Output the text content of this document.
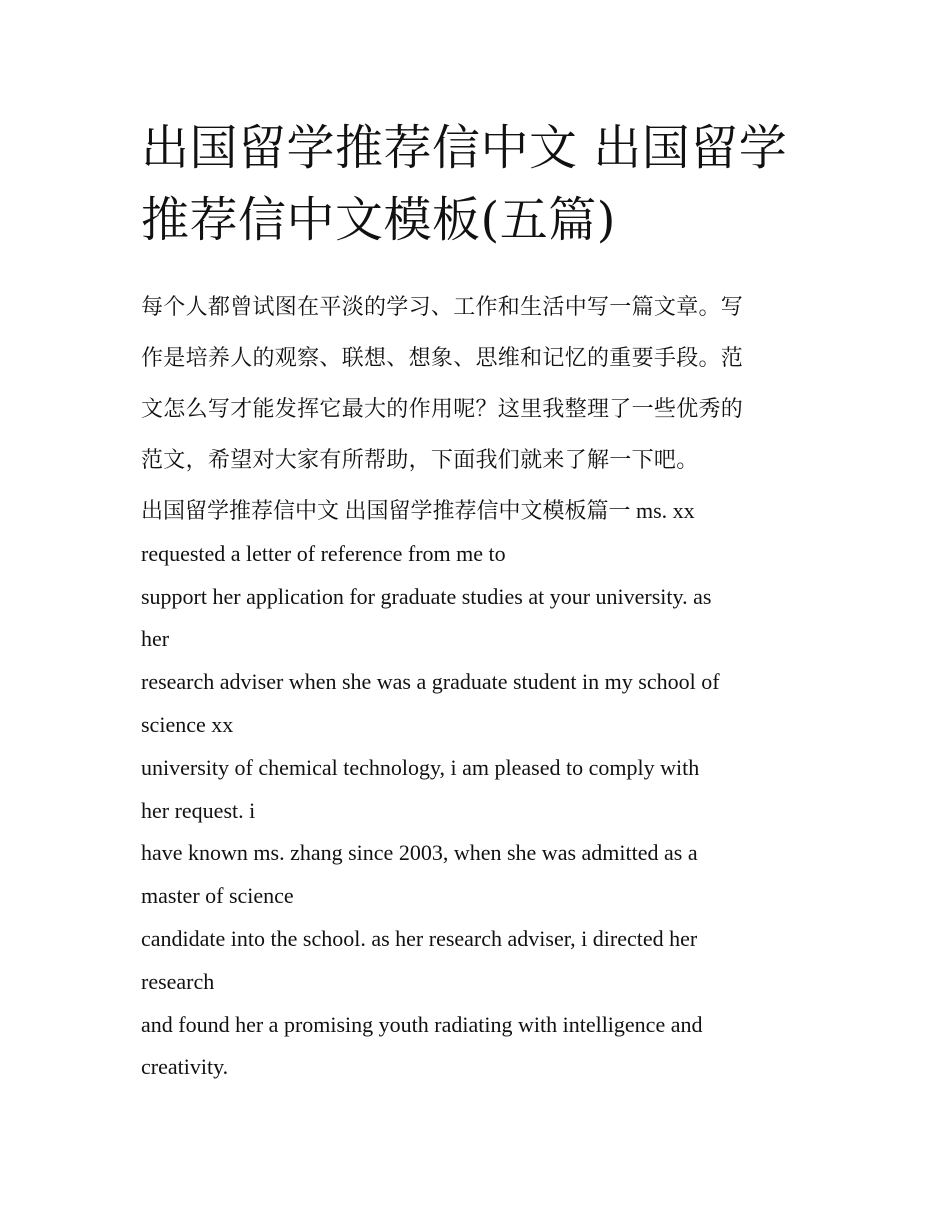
出国留学推荐信中文 出国留学
推荐信中文模板(五篇)

每个人都曾试图在平淡的学习、工作和生活中写一篇文章。写
作是培养人的观察、联想、想象、思维和记忆的重要手段。范
文怎么写才能发挥它最大的作用呢？这里我整理了一些优秀的
范文，希望对大家有所帮助，下面我们就来了解一下吧。

出国留学推荐信中文 出国留学推荐信中文模板篇一 ms. xx
requested a letter of reference from me to
support her application for graduate studies at your university. as
her
research adviser when she was a graduate student in my school of
science xx
university of chemical technology, i am pleased to comply with
her request. i
have known ms. zhang since 2003, when she was admitted as a
master of science
candidate into the school. as her research adviser, i directed her
research
and found her a promising youth radiating with intelligence and
creativity.
